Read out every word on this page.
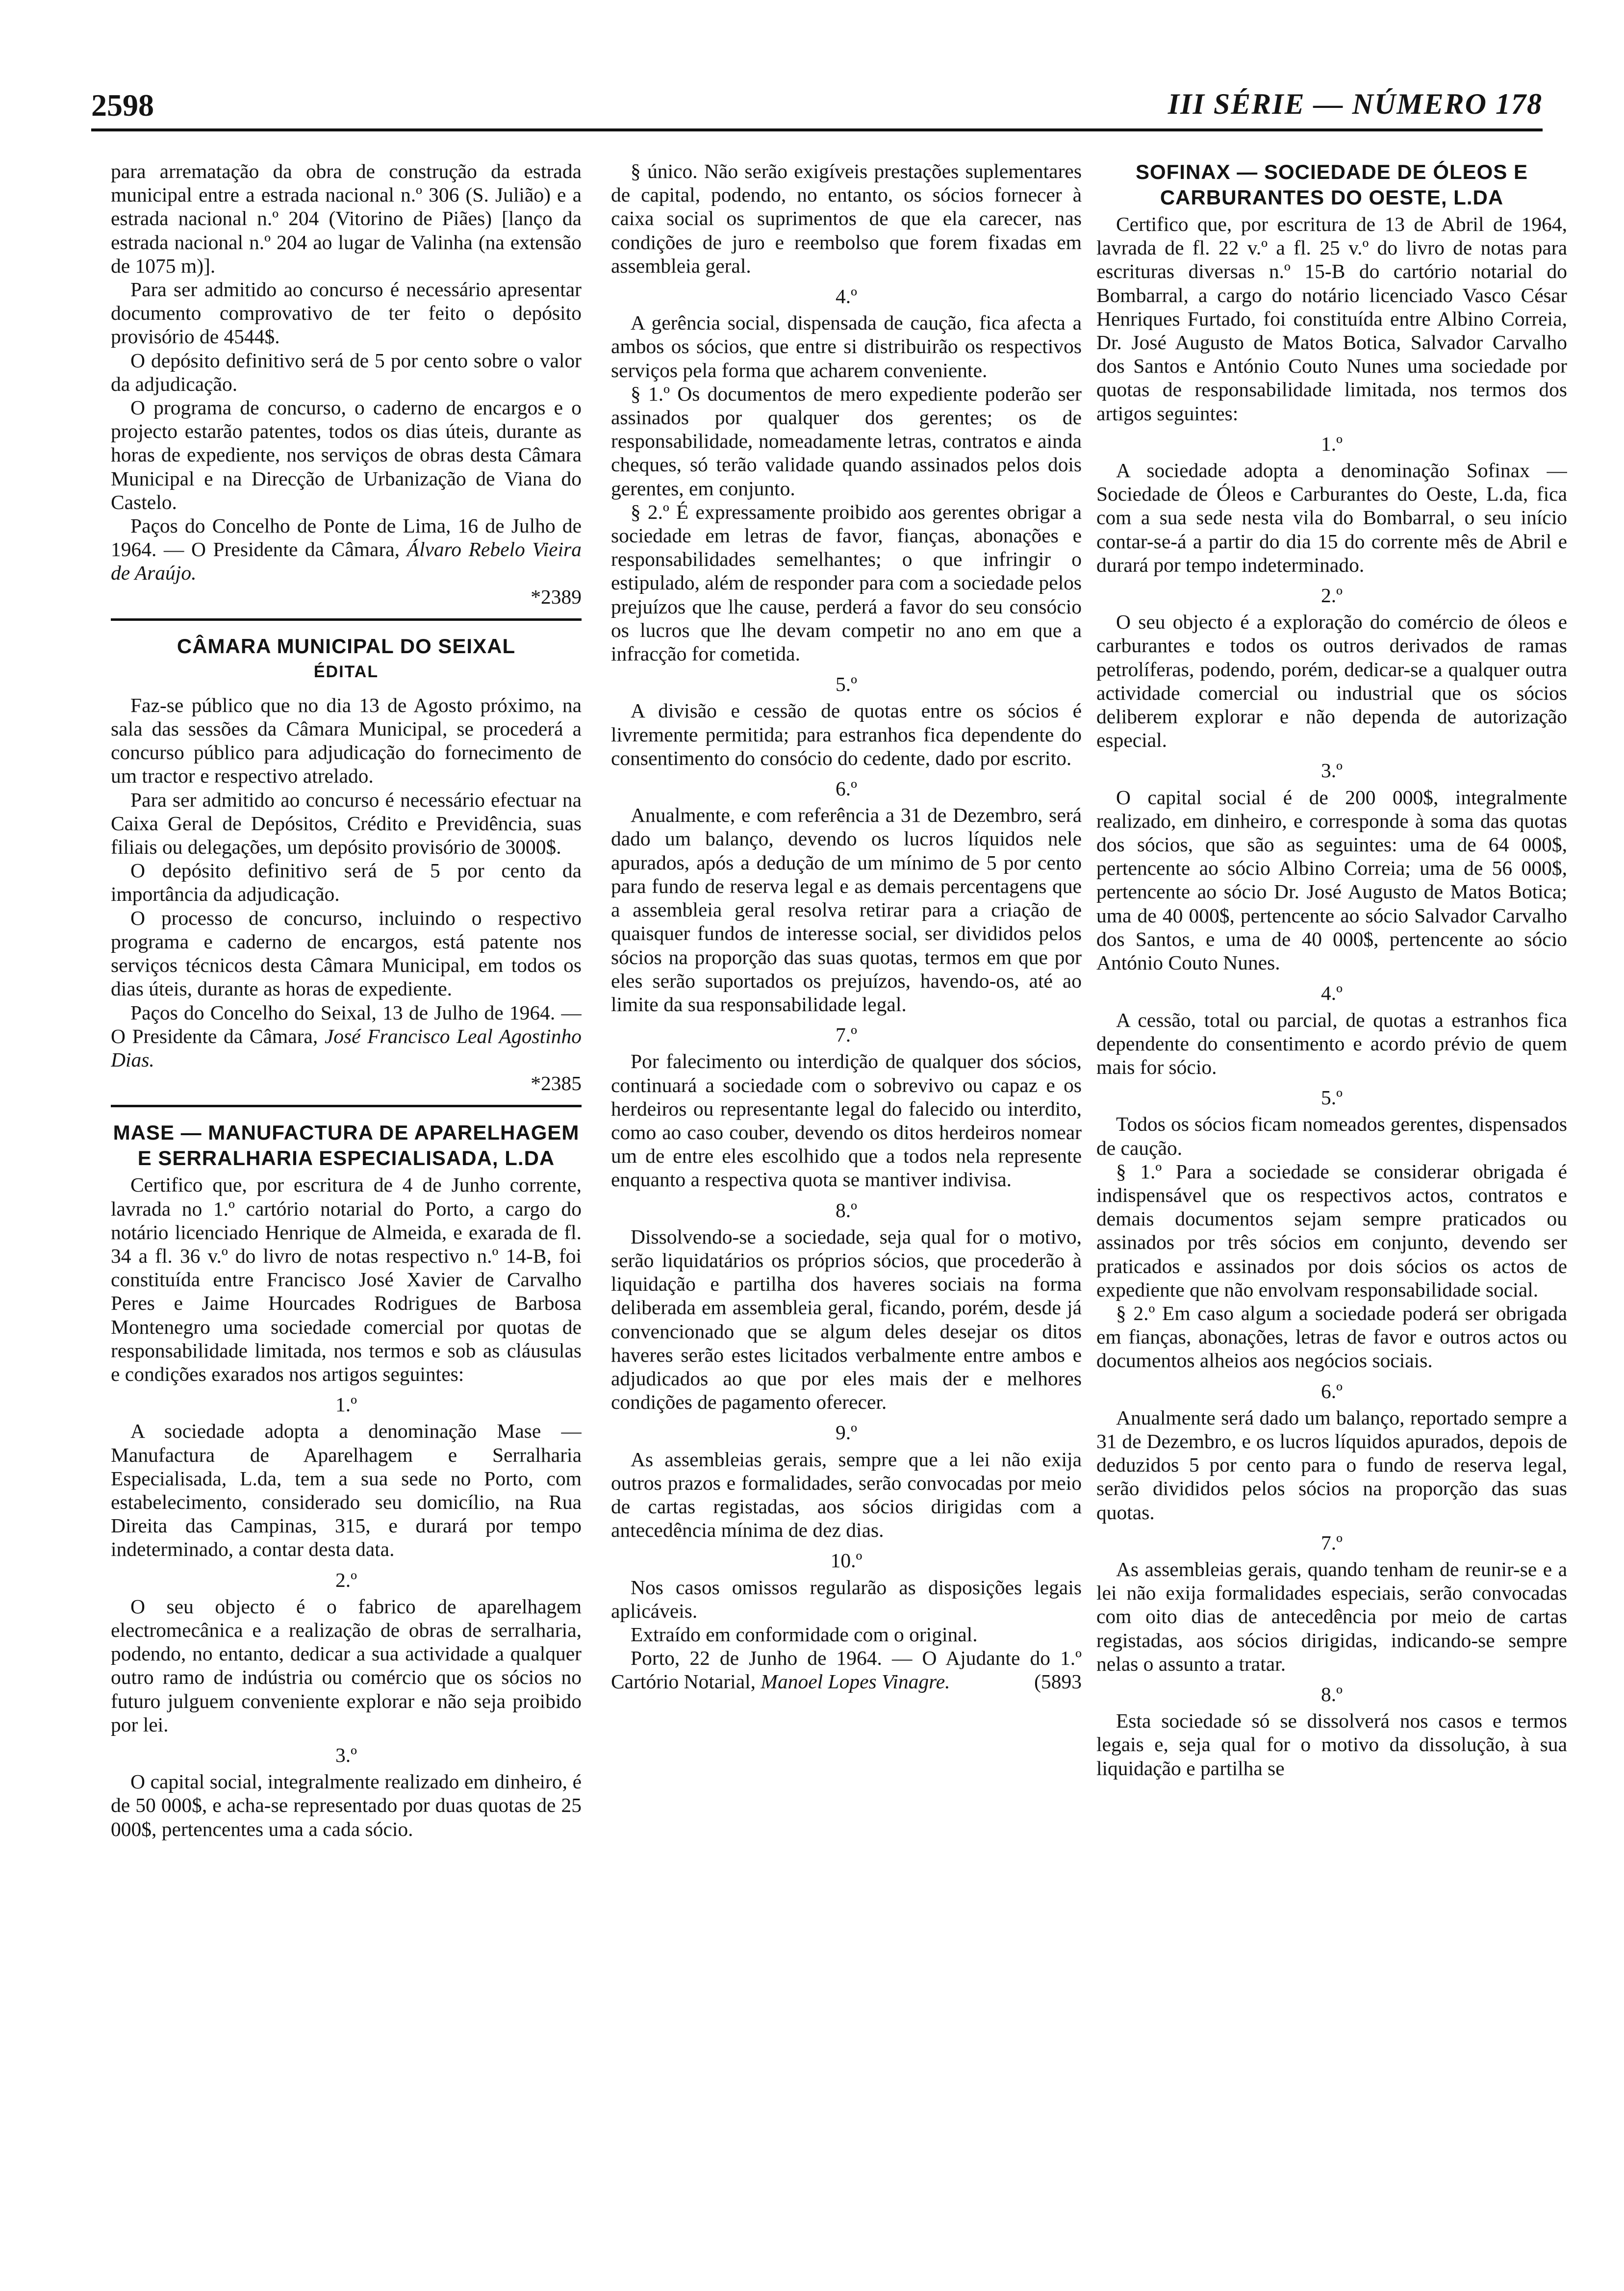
2598	III SÉRIE — NÚMERO 178

para arrematação da obra de construção da estrada municipal entre a estrada nacional n.º 306 (S. Julião) e a estrada nacional n.º 204 (Vitorino de Piães) [lanço da estrada nacional n.º 204 ao lugar de Valinha (na extensão de 1075 m)].

Para ser admitido ao concurso é necessário apresentar documento comprovativo de ter feito o depósito provisório de 4544$.

O depósito definitivo será de 5 por cento sobre o valor da adjudicação.

O programa de concurso, o caderno de encargos e o projecto estarão patentes, todos os dias úteis, durante as horas de expediente, nos serviços de obras desta Câmara Municipal e na Direcção de Urbanização de Viana do Castelo.

Paços do Concelho de Ponte de Lima, 16 de Julho de 1964. — O Presidente da Câmara, Álvaro Rebelo Vieira de Araújo.

*2389

CÂMARA MUNICIPAL DO SEIXAL
ÉDITAL

Faz-se público que no dia 13 de Agosto próximo, na sala das sessões da Câmara Municipal, se procederá a concurso público para adjudicação do fornecimento de um tractor e respectivo atrelado.

Para ser admitido ao concurso é necessário efectuar na Caixa Geral de Depósitos, Crédito e Previdência, suas filiais ou delegações, um depósito provisório de 3000$.

O depósito definitivo será de 5 por cento da importância da adjudicação.

O processo de concurso, incluindo o respectivo programa e caderno de encargos, está patente nos serviços técnicos desta Câmara Municipal, em todos os dias úteis, durante as horas de expediente.

Paços do Concelho do Seixal, 13 de Julho de 1964. — O Presidente da Câmara, José Francisco Leal Agostinho Dias.

*2385

MASE — MANUFACTURA DE APARELHAGEM E SERRALHARIA ESPECIALISADA, L.DA

Certifico que, por escritura de 4 de Junho corrente, lavrada no 1.º cartório notarial do Porto, a cargo do notário licenciado Henrique de Almeida, e exarada de fl. 34 a fl. 36 v.º do livro de notas respectivo n.º 14-B, foi constituída entre Francisco José Xavier de Carvalho Peres e Jaime Hourcades Rodrigues de Barbosa Montenegro uma sociedade comercial por quotas de responsabilidade limitada, nos termos e sob as cláusulas e condições exarados nos artigos seguintes:

1.º

A sociedade adopta a denominação Mase — Manufactura de Aparelhagem e Serralharia Especialisada, L.da, tem a sua sede no Porto, com estabelecimento, considerado seu domicílio, na Rua Direita das Campinas, 315, e durará por tempo indeterminado, a contar desta data.

2.º

O seu objecto é o fabrico de aparelhagem electromecânica e a realização de obras de serralharia, podendo, no entanto, dedicar a sua actividade a qualquer outro ramo de indústria ou comércio que os sócios no futuro julguem conveniente explorar e não seja proibido por lei.

3.º

O capital social, integralmente realizado em dinheiro, é de 50 000$, e acha-se representado por duas quotas de 25 000$, pertencentes uma a cada sócio.

§ único. Não serão exigíveis prestações suplementares de capital, podendo, no entanto, os sócios fornecer à caixa social os suprimentos de que ela carecer, nas condições de juro e reembolso que forem fixadas em assembleia geral.

4.º

A gerência social, dispensada de caução, fica afecta a ambos os sócios, que entre si distribuirão os respectivos serviços pela forma que acharem conveniente.

§ 1.º Os documentos de mero expediente poderão ser assinados por qualquer dos gerentes; os de responsabilidade, nomeadamente letras, contratos e ainda cheques, só terão validade quando assinados pelos dois gerentes, em conjunto.

§ 2.º É expressamente proibido aos gerentes obrigar a sociedade em letras de favor, fianças, abonações e responsabilidades semelhantes; o que infringir o estipulado, além de responder para com a sociedade pelos prejuízos que lhe cause, perderá a favor do seu consócio os lucros que lhe devam competir no ano em que a infracção for cometida.

5.º

A divisão e cessão de quotas entre os sócios é livremente permitida; para estranhos fica dependente do consentimento do consócio do cedente, dado por escrito.

6.º

Anualmente, e com referência a 31 de Dezembro, será dado um balanço, devendo os lucros líquidos nele apurados, após a dedução de um mínimo de 5 por cento para fundo de reserva legal e as demais percentagens que a assembleia geral resolva retirar para a criação de quaisquer fundos de interesse social, ser divididos pelos sócios na proporção das suas quotas, termos em que por eles serão suportados os prejuízos, havendo-os, até ao limite da sua responsabilidade legal.

7.º

Por falecimento ou interdição de qualquer dos sócios, continuará a sociedade com o sobrevivo ou capaz e os herdeiros ou representante legal do falecido ou interdito, como ao caso couber, devendo os ditos herdeiros nomear um de entre eles escolhido que a todos nela represente enquanto a respectiva quota se mantiver indivisa.

8.º

Dissolvendo-se a sociedade, seja qual for o motivo, serão liquidatários os próprios sócios, que procederão à liquidação e partilha dos haveres sociais na forma deliberada em assembleia geral, ficando, porém, desde já convencionado que se algum deles desejar os ditos haveres serão estes licitados verbalmente entre ambos e adjudicados ao que por eles mais der e melhores condições de pagamento oferecer.

9.º

As assembleias gerais, sempre que a lei não exija outros prazos e formalidades, serão convocadas por meio de cartas registadas, aos sócios dirigidas com a antecedência mínima de dez dias.

10.º

Nos casos omissos regularão as disposições legais aplicáveis.

Extraído em conformidade com o original.

Porto, 22 de Junho de 1964. — O Ajudante do 1.º Cartório Notarial, Manoel Lopes Vinagre.	(5893

SOFINAX — SOCIEDADE DE ÓLEOS E CARBURANTES DO OESTE, L.DA

Certifico que, por escritura de 13 de Abril de 1964, lavrada de fl. 22 v.º a fl. 25 v.º do livro de notas para escrituras diversas n.º 15-B do cartório notarial do Bombarral, a cargo do notário licenciado Vasco César Henriques Furtado, foi constituída entre Albino Correia, Dr. José Augusto de Matos Botica, Salvador Carvalho dos Santos e António Couto Nunes uma sociedade por quotas de responsabilidade limitada, nos termos dos artigos seguintes:

1.º

A sociedade adopta a denominação Sofinax — Sociedade de Óleos e Carburantes do Oeste, L.da, fica com a sua sede nesta vila do Bombarral, o seu início contar-se-á a partir do dia 15 do corrente mês de Abril e durará por tempo indeterminado.

2.º

O seu objecto é a exploração do comércio de óleos e carburantes e todos os outros derivados de ramas petrolíferas, podendo, porém, dedicar-se a qualquer outra actividade comercial ou industrial que os sócios deliberem explorar e não dependa de autorização especial.

3.º

O capital social é de 200 000$, integralmente realizado, em dinheiro, e corresponde à soma das quotas dos sócios, que são as seguintes: uma de 64 000$, pertencente ao sócio Albino Correia; uma de 56 000$, pertencente ao sócio Dr. José Augusto de Matos Botica; uma de 40 000$, pertencente ao sócio Salvador Carvalho dos Santos, e uma de 40 000$, pertencente ao sócio António Couto Nunes.

4.º

A cessão, total ou parcial, de quotas a estranhos fica dependente do consentimento e acordo prévio de quem mais for sócio.

5.º

Todos os sócios ficam nomeados gerentes, dispensados de caução.

§ 1.º Para a sociedade se considerar obrigada é indispensável que os respectivos actos, contratos e demais documentos sejam sempre praticados ou assinados por três sócios em conjunto, devendo ser praticados e assinados por dois sócios os actos de expediente que não envolvam responsabilidade social.

§ 2.º Em caso algum a sociedade poderá ser obrigada em fianças, abonações, letras de favor e outros actos ou documentos alheios aos negócios sociais.

6.º

Anualmente será dado um balanço, reportado sempre a 31 de Dezembro, e os lucros líquidos apurados, depois de deduzidos 5 por cento para o fundo de reserva legal, serão divididos pelos sócios na proporção das suas quotas.

7.º

As assembleias gerais, quando tenham de reunir-se e a lei não exija formalidades especiais, serão convocadas com oito dias de antecedência por meio de cartas registadas, aos sócios dirigidas, indicando-se sempre nelas o assunto a tratar.

8.º

Esta sociedade só se dissolverá nos casos e termos legais e, seja qual for o motivo da dissolução, à sua liquidação e partilha se
